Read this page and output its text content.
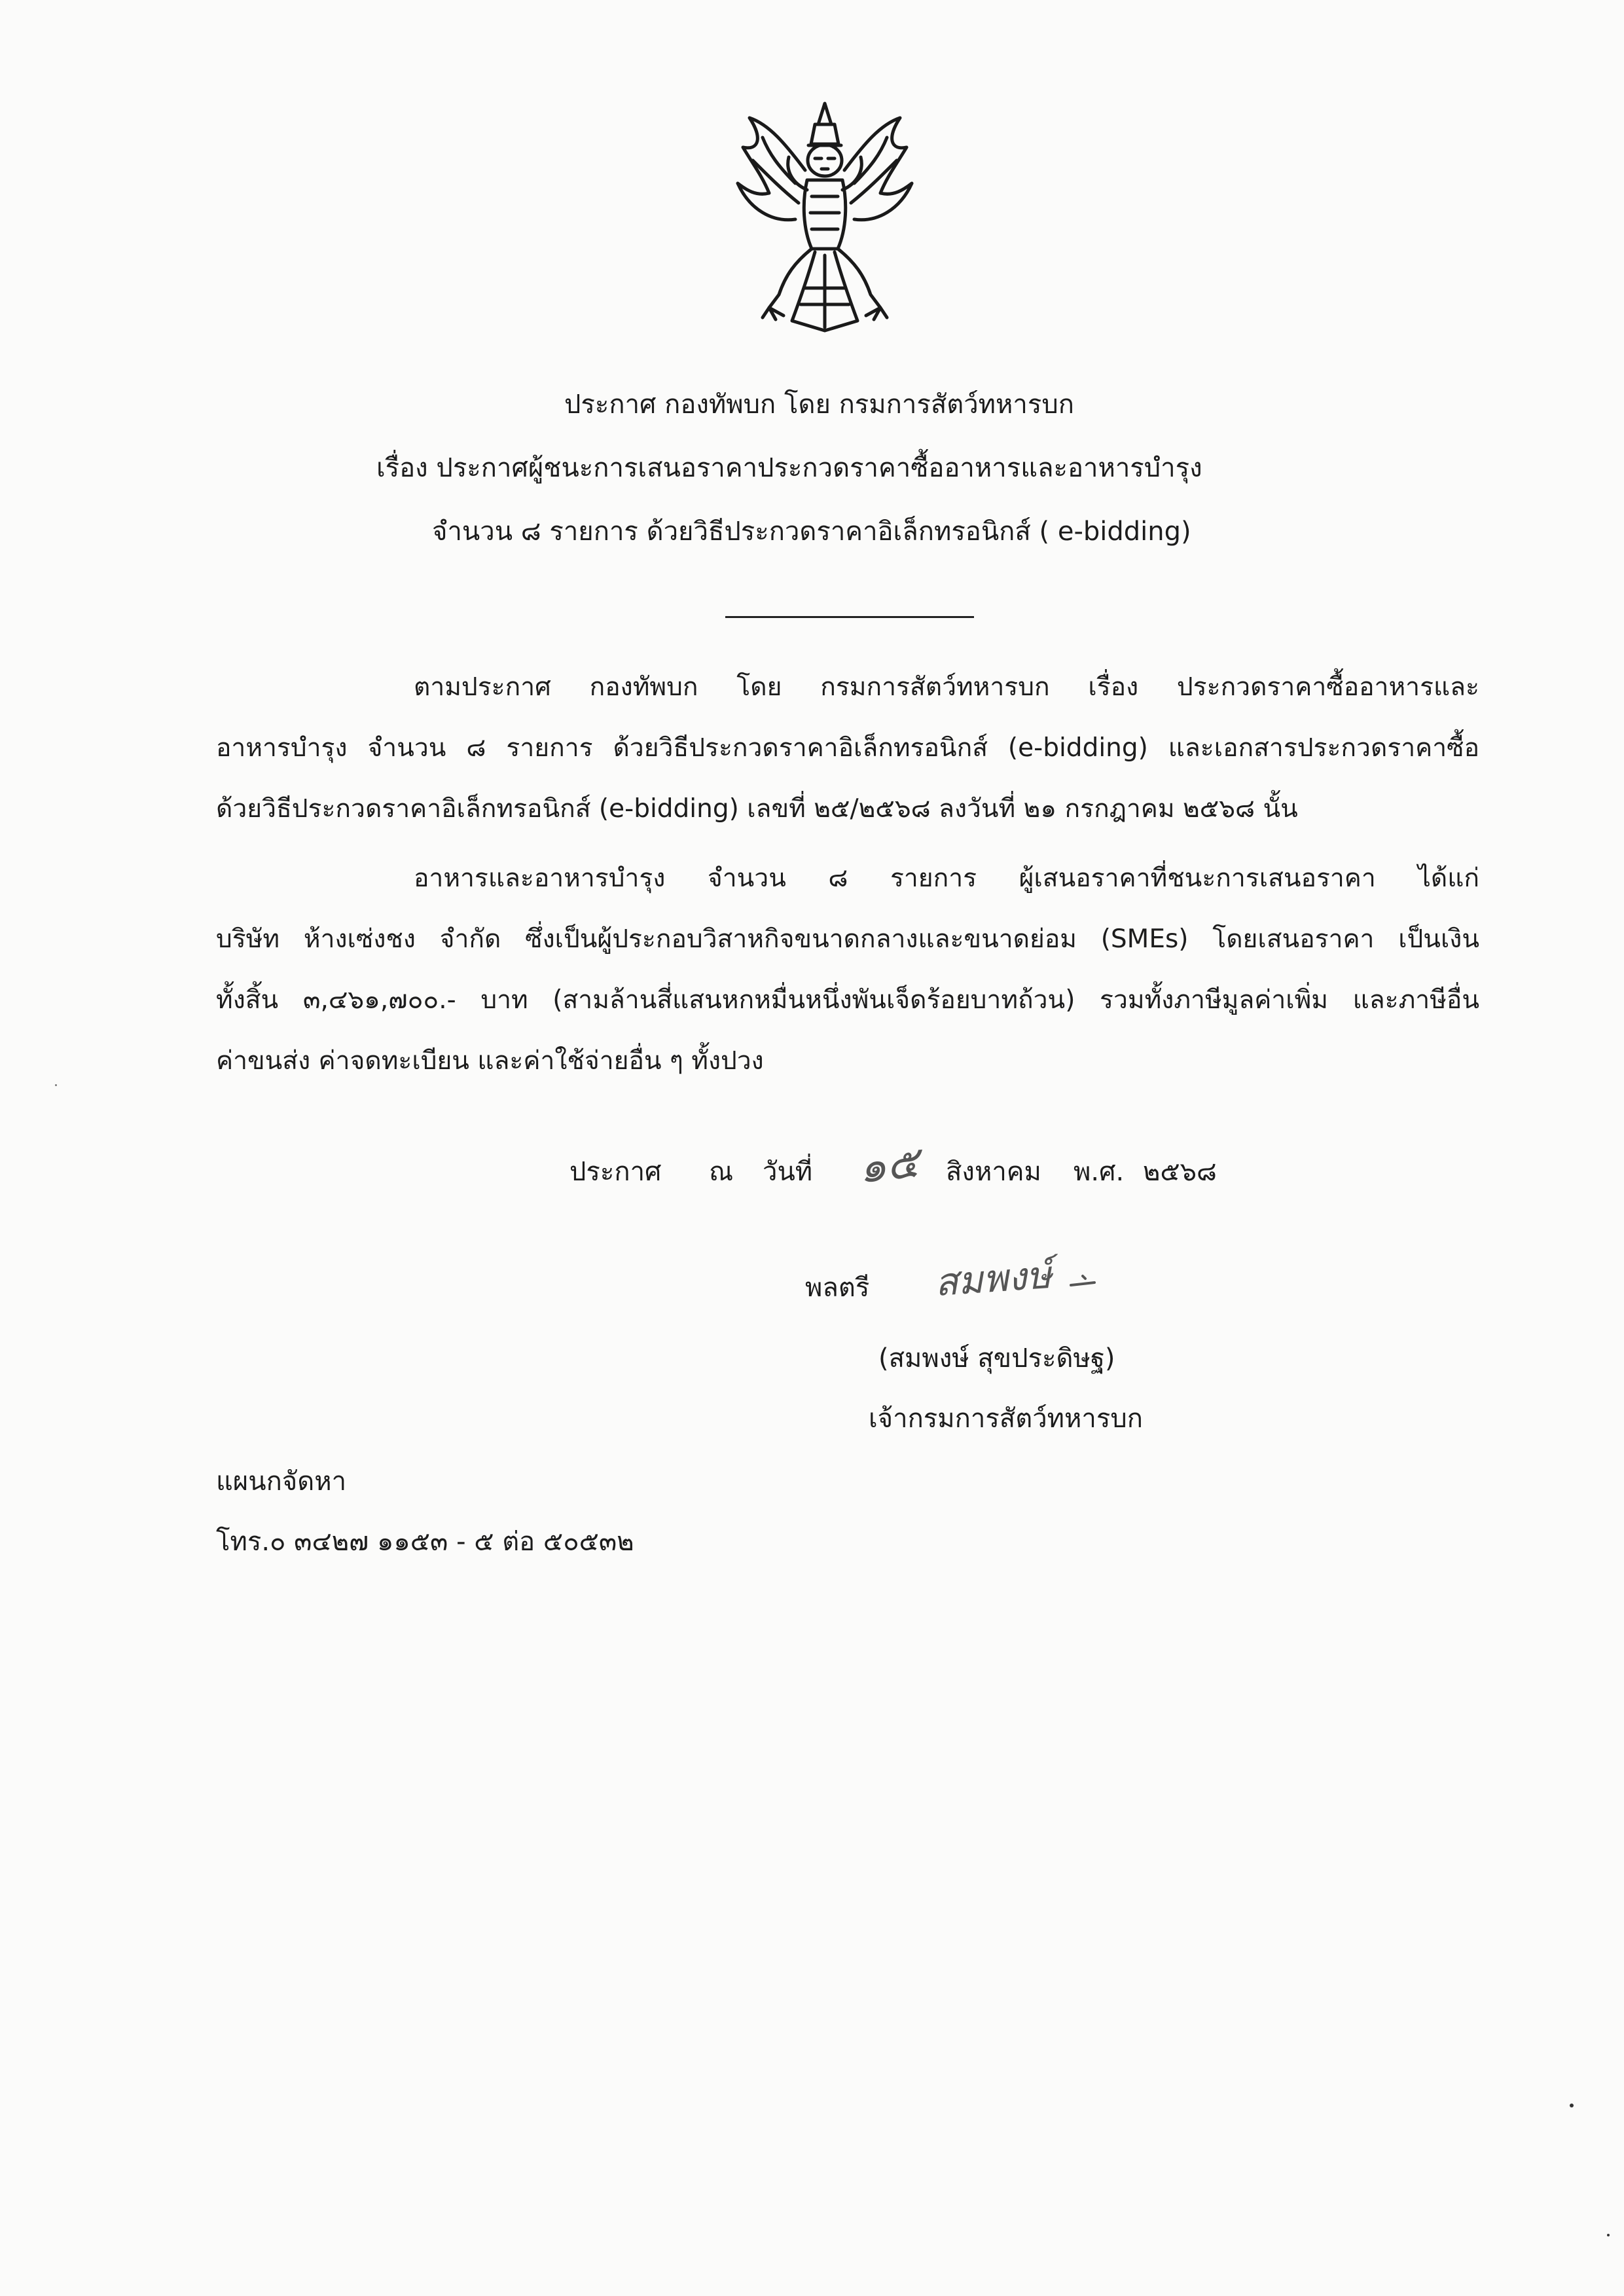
ประกาศ กองทัพบก โดย กรมการสัตว์ทหารบก
เรื่อง ประกาศผู้ชนะการเสนอราคาประกวดราคาซื้ออาหารและอาหารบำรุง
จำนวน ๘ รายการ ด้วยวิธีประกวดราคาอิเล็กทรอนิกส์ ( e-bidding)
ตามประกาศ กองทัพบก โดย กรมการสัตว์ทหารบก เรื่อง ประกวดราคาซื้ออาหารและ
อาหารบำรุง จำนวน ๘ รายการ ด้วยวิธีประกวดราคาอิเล็กทรอนิกส์ (e-bidding) และเอกสารประกวดราคาซื้อ
ด้วยวิธีประกวดราคาอิเล็กทรอนิกส์ (e-bidding) เลขที่ ๒๕/๒๕๖๘ ลงวันที่ ๒๑ กรกฎาคม ๒๕๖๘ นั้น
อาหารและอาหารบำรุง จำนวน ๘ รายการ ผู้เสนอราคาที่ชนะการเสนอราคา ได้แก่
บริษัท ห้างเซ่งชง จำกัด ซึ่งเป็นผู้ประกอบวิสาหกิจขนาดกลางและขนาดย่อม (SMEs) โดยเสนอราคา เป็นเงิน
ทั้งสิ้น ๓,๔๖๑,๗๐๐.- บาท (สามล้านสี่แสนหกหมื่นหนึ่งพันเจ็ดร้อยบาทถ้วน) รวมทั้งภาษีมูลค่าเพิ่ม และภาษีอื่น
ค่าขนส่ง ค่าจดทะเบียน และค่าใช้จ่ายอื่น ๆ ทั้งปวง
ประกาศ ณ วันที่ ๑๕ สิงหาคม พ.ศ. ๒๕๖๘
พลตรี สมพงษ์
(สมพงษ์ สุขประดิษฐ)
เจ้ากรมการสัตว์ทหารบก
แผนกจัดหา
โทร.๐ ๓๔๒๗ ๑๑๕๓ - ๕ ต่อ ๕๐๕๓๒
